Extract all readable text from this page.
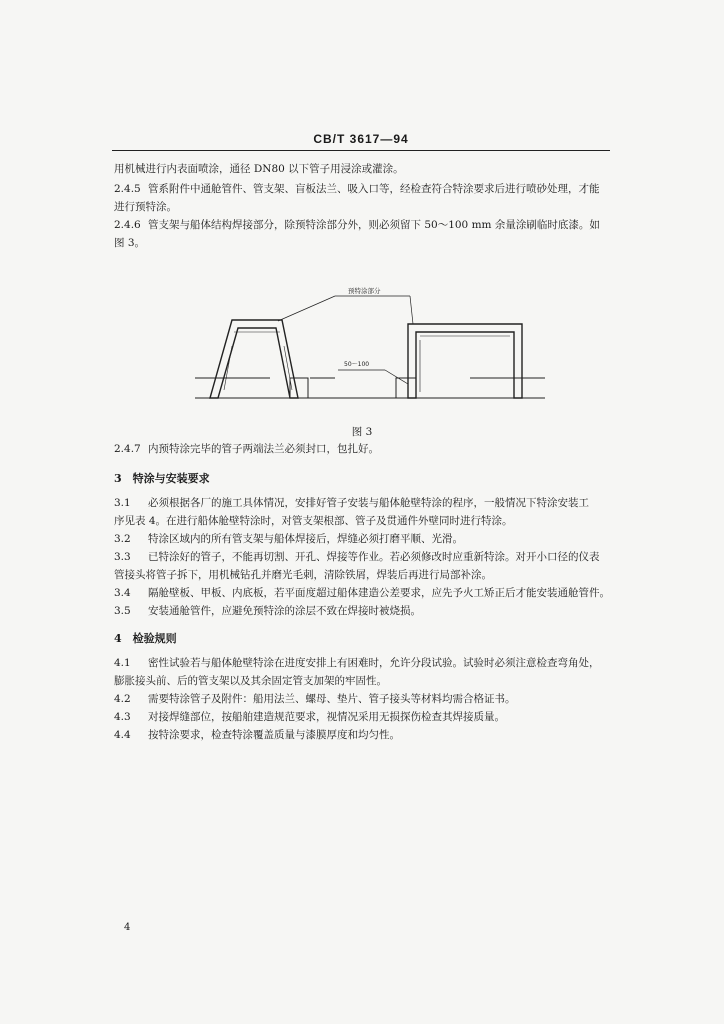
CB/T 3617—94

用机械进行内表面喷涂，通径 DN80 以下管子用浸涂或灌涂。

2.4.5 管系附件中通舱管件、管支架、盲板法兰、吸入口等，经检查符合特涂要求后进行喷砂处理，才能

进行预特涂。

2.4.6 管支架与船体结构焊接部分，除预特涂部分外，则必须留下 50～100 mm 余量涂刷临时底漆。如

图 3。

预特涂部分
50～100
图 3

2.4.7 内预特涂完毕的管子两端法兰必须封口，包扎好。

3　特涂与安装要求

3.1 必须根据各厂的施工具体情况，安排好管子安装与船体舱壁特涂的程序，一般情况下特涂安装工

序见表 4。在进行船体舱壁特涂时，对管支架根部、管子及贯通件外壁同时进行特涂。

3.2 特涂区域内的所有管支架与船体焊接后，焊缝必须打磨平顺、光滑。

3.3 已特涂好的管子，不能再切割、开孔、焊接等作业。若必须修改时应重新特涂。对开小口径的仪表

管接头将管子拆下，用机械钻孔并磨光毛刺，清除铁屑，焊装后再进行局部补涂。

3.4 隔舱壁板、甲板、内底板，若平面度超过船体建造公差要求，应先予火工矫正后才能安装通舱管件。

3.5 安装通舱管件，应避免预特涂的涂层不致在焊接时被烧损。

4　检验规则

4.1 密性试验若与船体舱壁特涂在进度安排上有困难时，允许分段试验。试验时必须注意检查弯角处，

膨胀接头前、后的管支架以及其余固定管支加架的牢固性。

4.2 需要特涂管子及附件：船用法兰、螺母、垫片、管子接头等材料均需合格证书。

4.3 对接焊缝部位，按船舶建造规范要求，视情况采用无损探伤检查其焊接质量。

4.4 按特涂要求，检查特涂覆盖质量与漆膜厚度和均匀性。

4
